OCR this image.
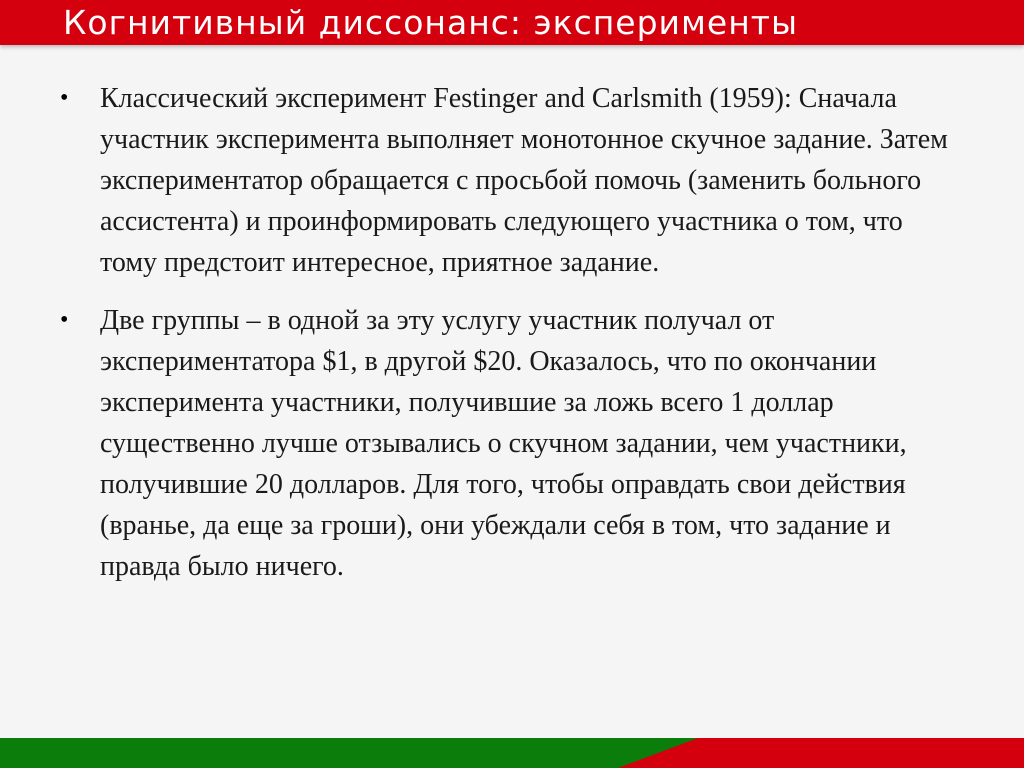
Когнитивный диссонанс: эксперименты
• Классический эксперимент Festinger and Carlsmith (1959): Сначала участник эксперимента выполняет монотонное скучное задание. Затем экспериментатор обращается с просьбой помочь (заменить больного ассистента) и проинформировать следующего участника о том, что тому предстоит интересное, приятное задание.
• Две группы – в одной за эту услугу участник получал от экспериментатора $1, в другой $20. Оказалось, что по окончании эксперимента участники, получившие за ложь всего 1 доллар существенно лучше отзывались о скучном задании, чем участники, получившие 20 долларов. Для того, чтобы оправдать свои действия (вранье, да еще за гроши), они убеждали себя в том, что задание и правда было ничего.
